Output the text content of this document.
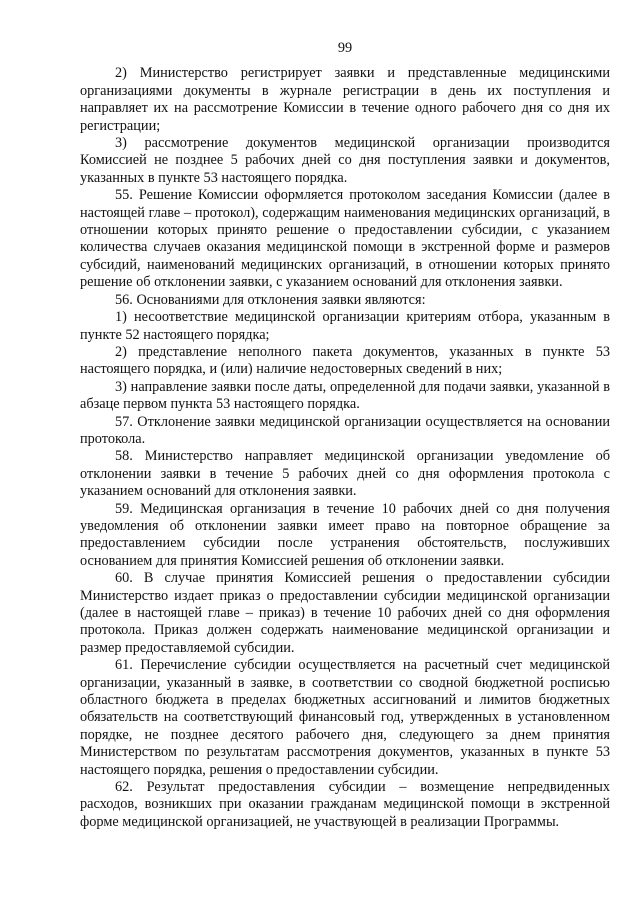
99

2) Министерство регистрирует заявки и представленные медицинскими организациями документы в журнале регистрации в день их поступления и направляет их на рассмотрение Комиссии в течение одного рабочего дня со дня их регистрации;

3) рассмотрение документов медицинской организации производится Комиссией не позднее 5 рабочих дней со дня поступления заявки и документов, указанных в пункте 53 настоящего порядка.

55. Решение Комиссии оформляется протоколом заседания Комиссии (далее в настоящей главе – протокол), содержащим наименования медицинских организаций, в отношении которых принято решение о предоставлении субсидии, с указанием количества случаев оказания медицинской помощи в экстренной форме и размеров субсидий, наименований медицинских организаций, в отношении которых принято решение об отклонении заявки, с указанием оснований для отклонения заявки.

56. Основаниями для отклонения заявки являются:

1) несоответствие медицинской организации критериям отбора, указанным в пункте 52 настоящего порядка;

2) представление неполного пакета документов, указанных в пункте 53 настоящего порядка, и (или) наличие недостоверных сведений в них;

3) направление заявки после даты, определенной для подачи заявки, указанной в абзаце первом пункта 53 настоящего порядка.

57. Отклонение заявки медицинской организации осуществляется на основании протокола.

58. Министерство направляет медицинской организации уведомление об отклонении заявки в течение 5 рабочих дней со дня оформления протокола с указанием оснований для отклонения заявки.

59. Медицинская организация в течение 10 рабочих дней со дня получения уведомления об отклонении заявки имеет право на повторное обращение за предоставлением субсидии после устранения обстоятельств, послуживших основанием для принятия Комиссией решения об отклонении заявки.

60. В случае принятия Комиссией решения о предоставлении субсидии Министерство издает приказ о предоставлении субсидии медицинской организации (далее в настоящей главе – приказ) в течение 10 рабочих дней со дня оформления протокола. Приказ должен содержать наименование медицинской организации и размер предоставляемой субсидии.

61. Перечисление субсидии осуществляется на расчетный счет медицинской организации, указанный в заявке, в соответствии со сводной бюджетной росписью областного бюджета в пределах бюджетных ассигнований и лимитов бюджетных обязательств на соответствующий финансовый год, утвержденных в установленном порядке, не позднее десятого рабочего дня, следующего за днем принятия Министерством по результатам рассмотрения документов, указанных в пункте 53 настоящего порядка, решения о предоставлении субсидии.

62. Результат предоставления субсидии – возмещение непредвиденных расходов, возникших при оказании гражданам медицинской помощи в экстренной форме медицинской организацией, не участвующей в реализации Программы.
